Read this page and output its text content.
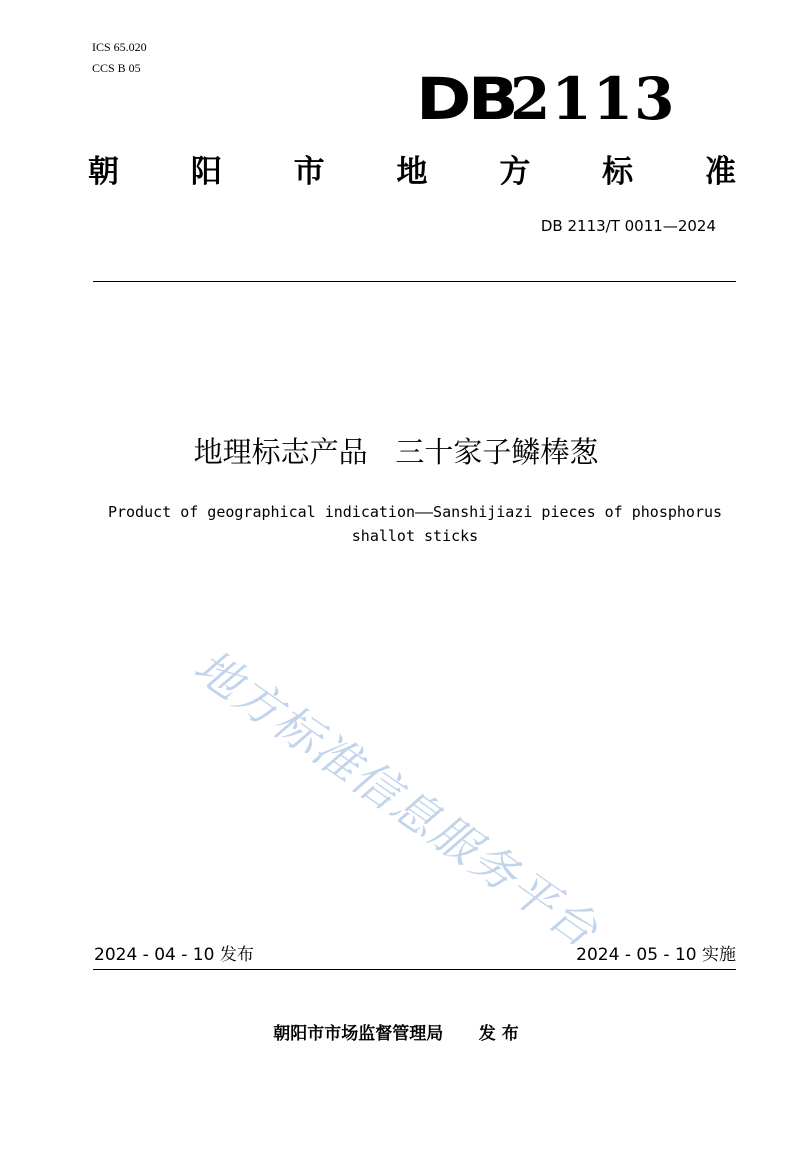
ICS 65.020
CCS B 05	DB
2113
朝 阳 市 地 方 标 准
DB 2113/T 0011—2024
地理标志产品   三十家子鳞棒葱
Product of geographical indication——Sanshijiazi pieces of phosphorus shallot sticks
地方标准信息服务平台
2024 - 04 - 10 发布	2024 - 05 - 10 实施
朝阳市市场监督管理局      发 布
